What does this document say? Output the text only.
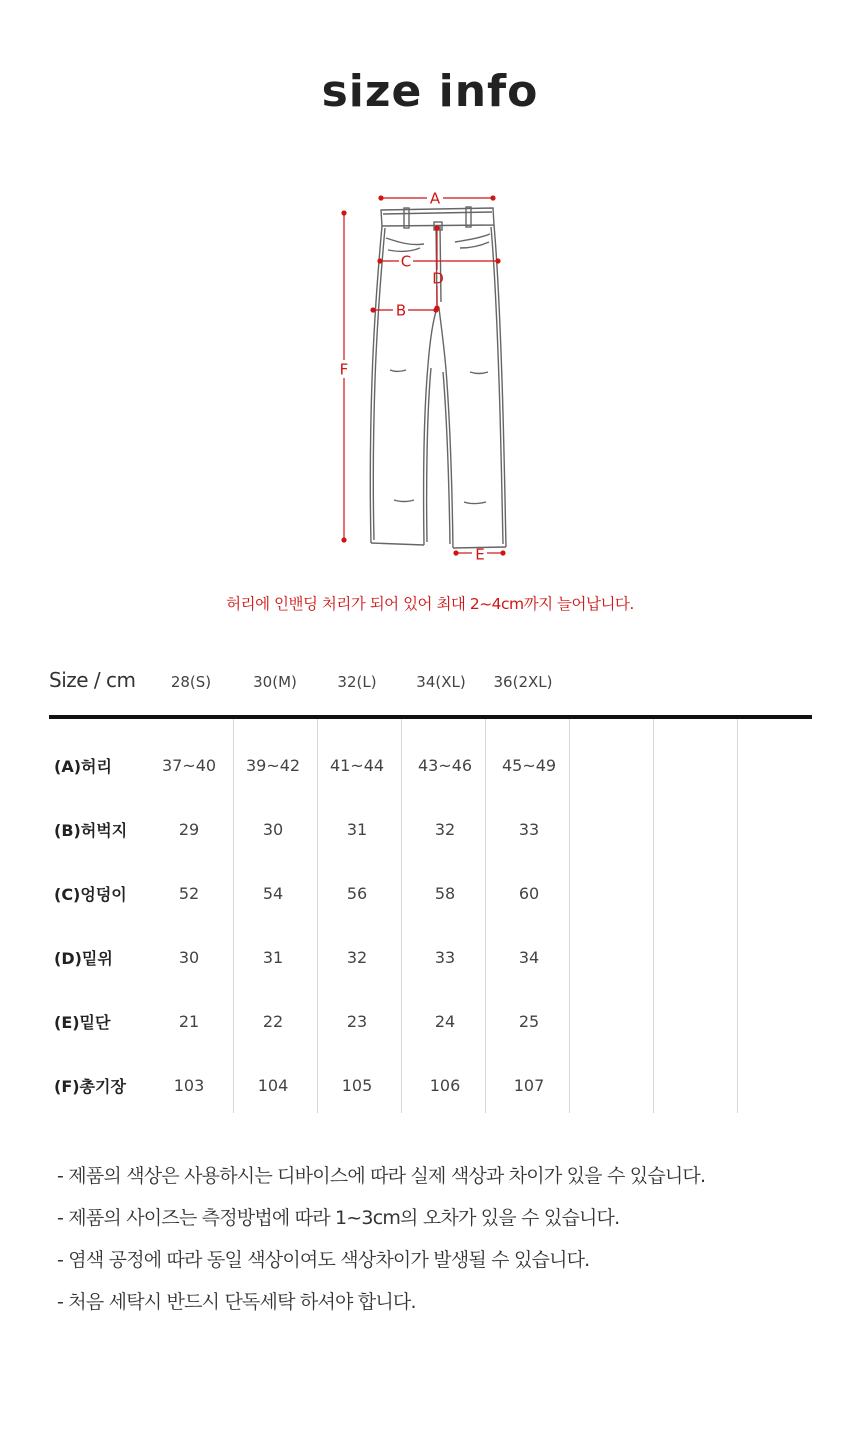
size info
A
C
D
B
F
E
허리에 인밴딩 처리가 되어 있어 최대 2~4cm까지 늘어납니다.
Size / cm	28(S)	30(M)	32(L)	34(XL)	36(2XL)
(A)허리	37~40	39~42	41~44	43~46	45~49
(B)허벅지	29	30	31	32	33
(C)엉덩이	52	54	56	58	60
(D)밑위	30	31	32	33	34
(E)밑단	21	22	23	24	25
(F)총기장	103	104	105	106	107

- 제품의 색상은 사용하시는 디바이스에 따라 실제 색상과 차이가 있을 수 있습니다.

- 제품의 사이즈는 측정방법에 따라 1~3cm의 오차가 있을 수 있습니다.

- 염색 공정에 따라 동일 색상이여도 색상차이가 발생될 수 있습니다.

- 처음 세탁시 반드시 단독세탁 하셔야 합니다.
